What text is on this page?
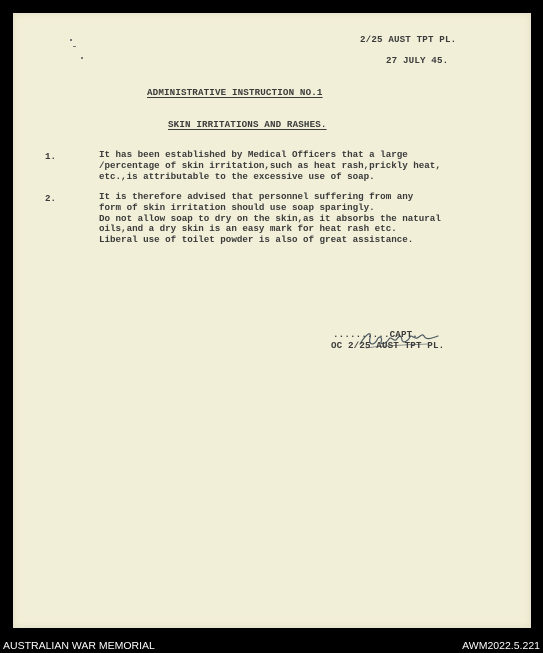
2/25 AUST TPT PL.
27 JULY 45.
ADMINISTRATIVE INSTRUCTION NO.1
SKIN IRRITATIONS AND RASHES.
1.	It has been established by Medical Officers that a large
/percentage of skin irritation,such as heat rash,prickly heat,
etc.,is attributable to the excessive use of soap.
2.	It is therefore advised that personnel suffering from any
form of skin irritation should use soap sparingly.
Do not allow soap to dry on the skin,as it absorbs the natural
oils,and a dry skin is an easy mark for heat rash etc.
Liberal use of toilet powder is also of great assistance.
..........CAPT.
OC 2/25 AUST TPT PL.
AUSTRALIAN WAR MEMORIAL	AWM2022.5.221
